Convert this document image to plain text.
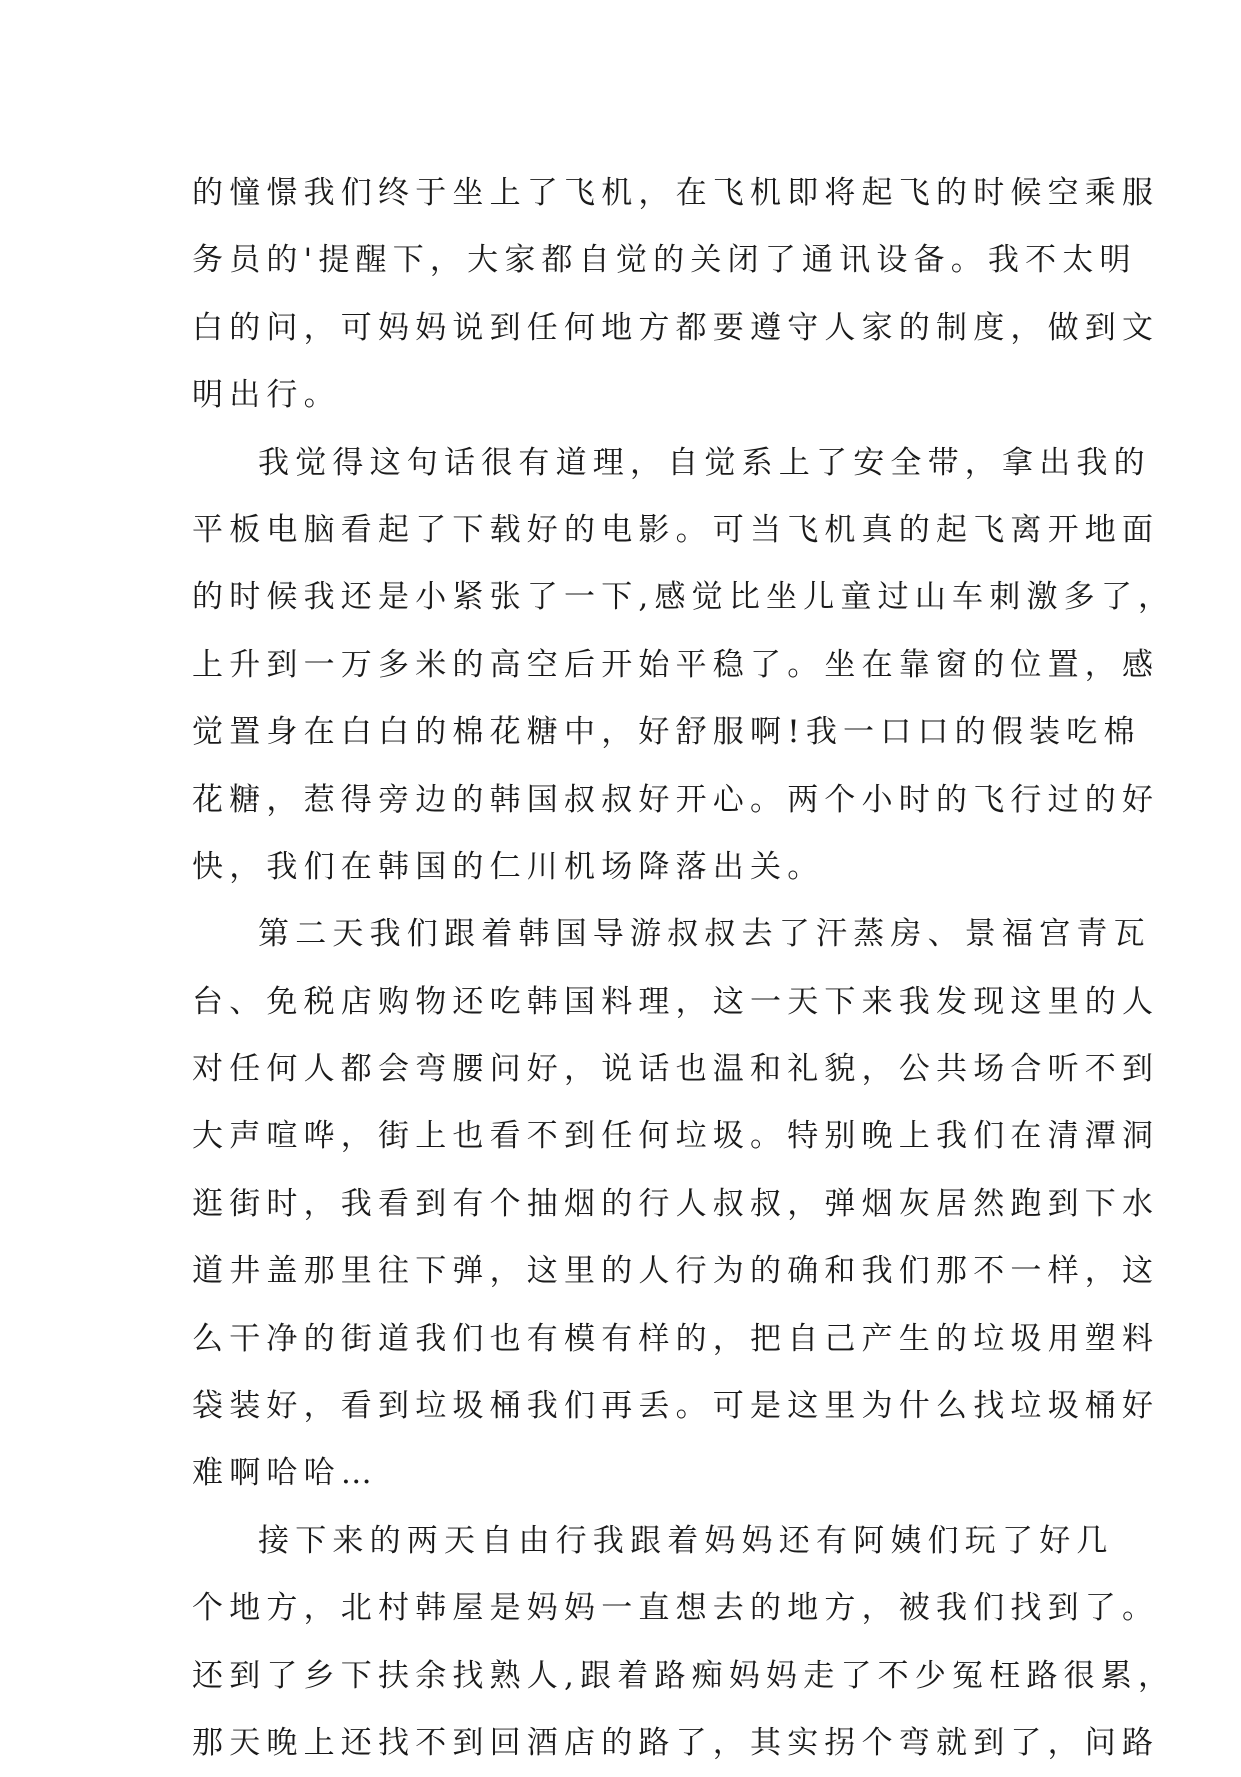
的憧憬我们终于坐上了飞机，在飞机即将起飞的时候空乘服
务员的'提醒下，大家都自觉的关闭了通讯设备。我不太明
白的问，可妈妈说到任何地方都要遵守人家的制度，做到文
明出行。
我觉得这句话很有道理，自觉系上了安全带，拿出我的
平板电脑看起了下载好的电影。可当飞机真的起飞离开地面
的时候我还是小紧张了一下,感觉比坐儿童过山车刺激多了，
上升到一万多米的高空后开始平稳了。坐在靠窗的位置，感
觉置身在白白的棉花糖中，好舒服啊!我一口口的假装吃棉
花糖，惹得旁边的韩国叔叔好开心。两个小时的飞行过的好
快，我们在韩国的仁川机场降落出关。
第二天我们跟着韩国导游叔叔去了汗蒸房、景福宫青瓦
台、免税店购物还吃韩国料理，这一天下来我发现这里的人
对任何人都会弯腰问好，说话也温和礼貌，公共场合听不到
大声喧哗，街上也看不到任何垃圾。特别晚上我们在清潭洞
逛街时，我看到有个抽烟的行人叔叔，弹烟灰居然跑到下水
道井盖那里往下弹，这里的人行为的确和我们那不一样，这
么干净的街道我们也有模有样的，把自己产生的垃圾用塑料
袋装好，看到垃圾桶我们再丢。可是这里为什么找垃圾桶好
难啊哈哈…
接下来的两天自由行我跟着妈妈还有阿姨们玩了好几
个地方，北村韩屋是妈妈一直想去的地方，被我们找到了。
还到了乡下扶余找熟人,跟着路痴妈妈走了不少冤枉路很累，
那天晚上还找不到回酒店的路了，其实拐个弯就到了，问路
